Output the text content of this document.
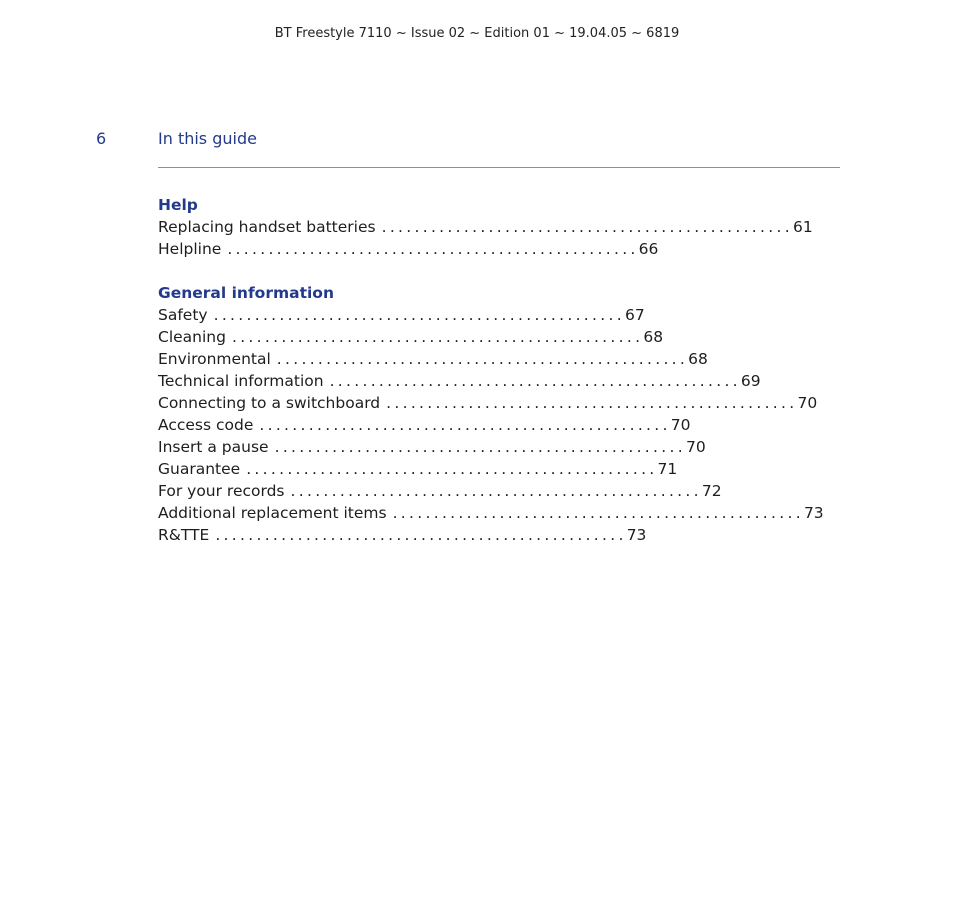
BT Freestyle 7110 ~ Issue 02 ~ Edition 01 ~ 19.04.05 ~ 6819
6	In this guide
Help
Replacing handset batteries .................................................. 61
Helpline .................................................. 66
General information
Safety .................................................. 67
Cleaning .................................................. 68
Environmental .................................................. 68
Technical information .................................................. 69
Connecting to a switchboard .................................................. 70
Access code .................................................. 70
Insert a pause .................................................. 70
Guarantee .................................................. 71
For your records .................................................. 72
Additional replacement items .................................................. 73
R&TTE .................................................. 73
